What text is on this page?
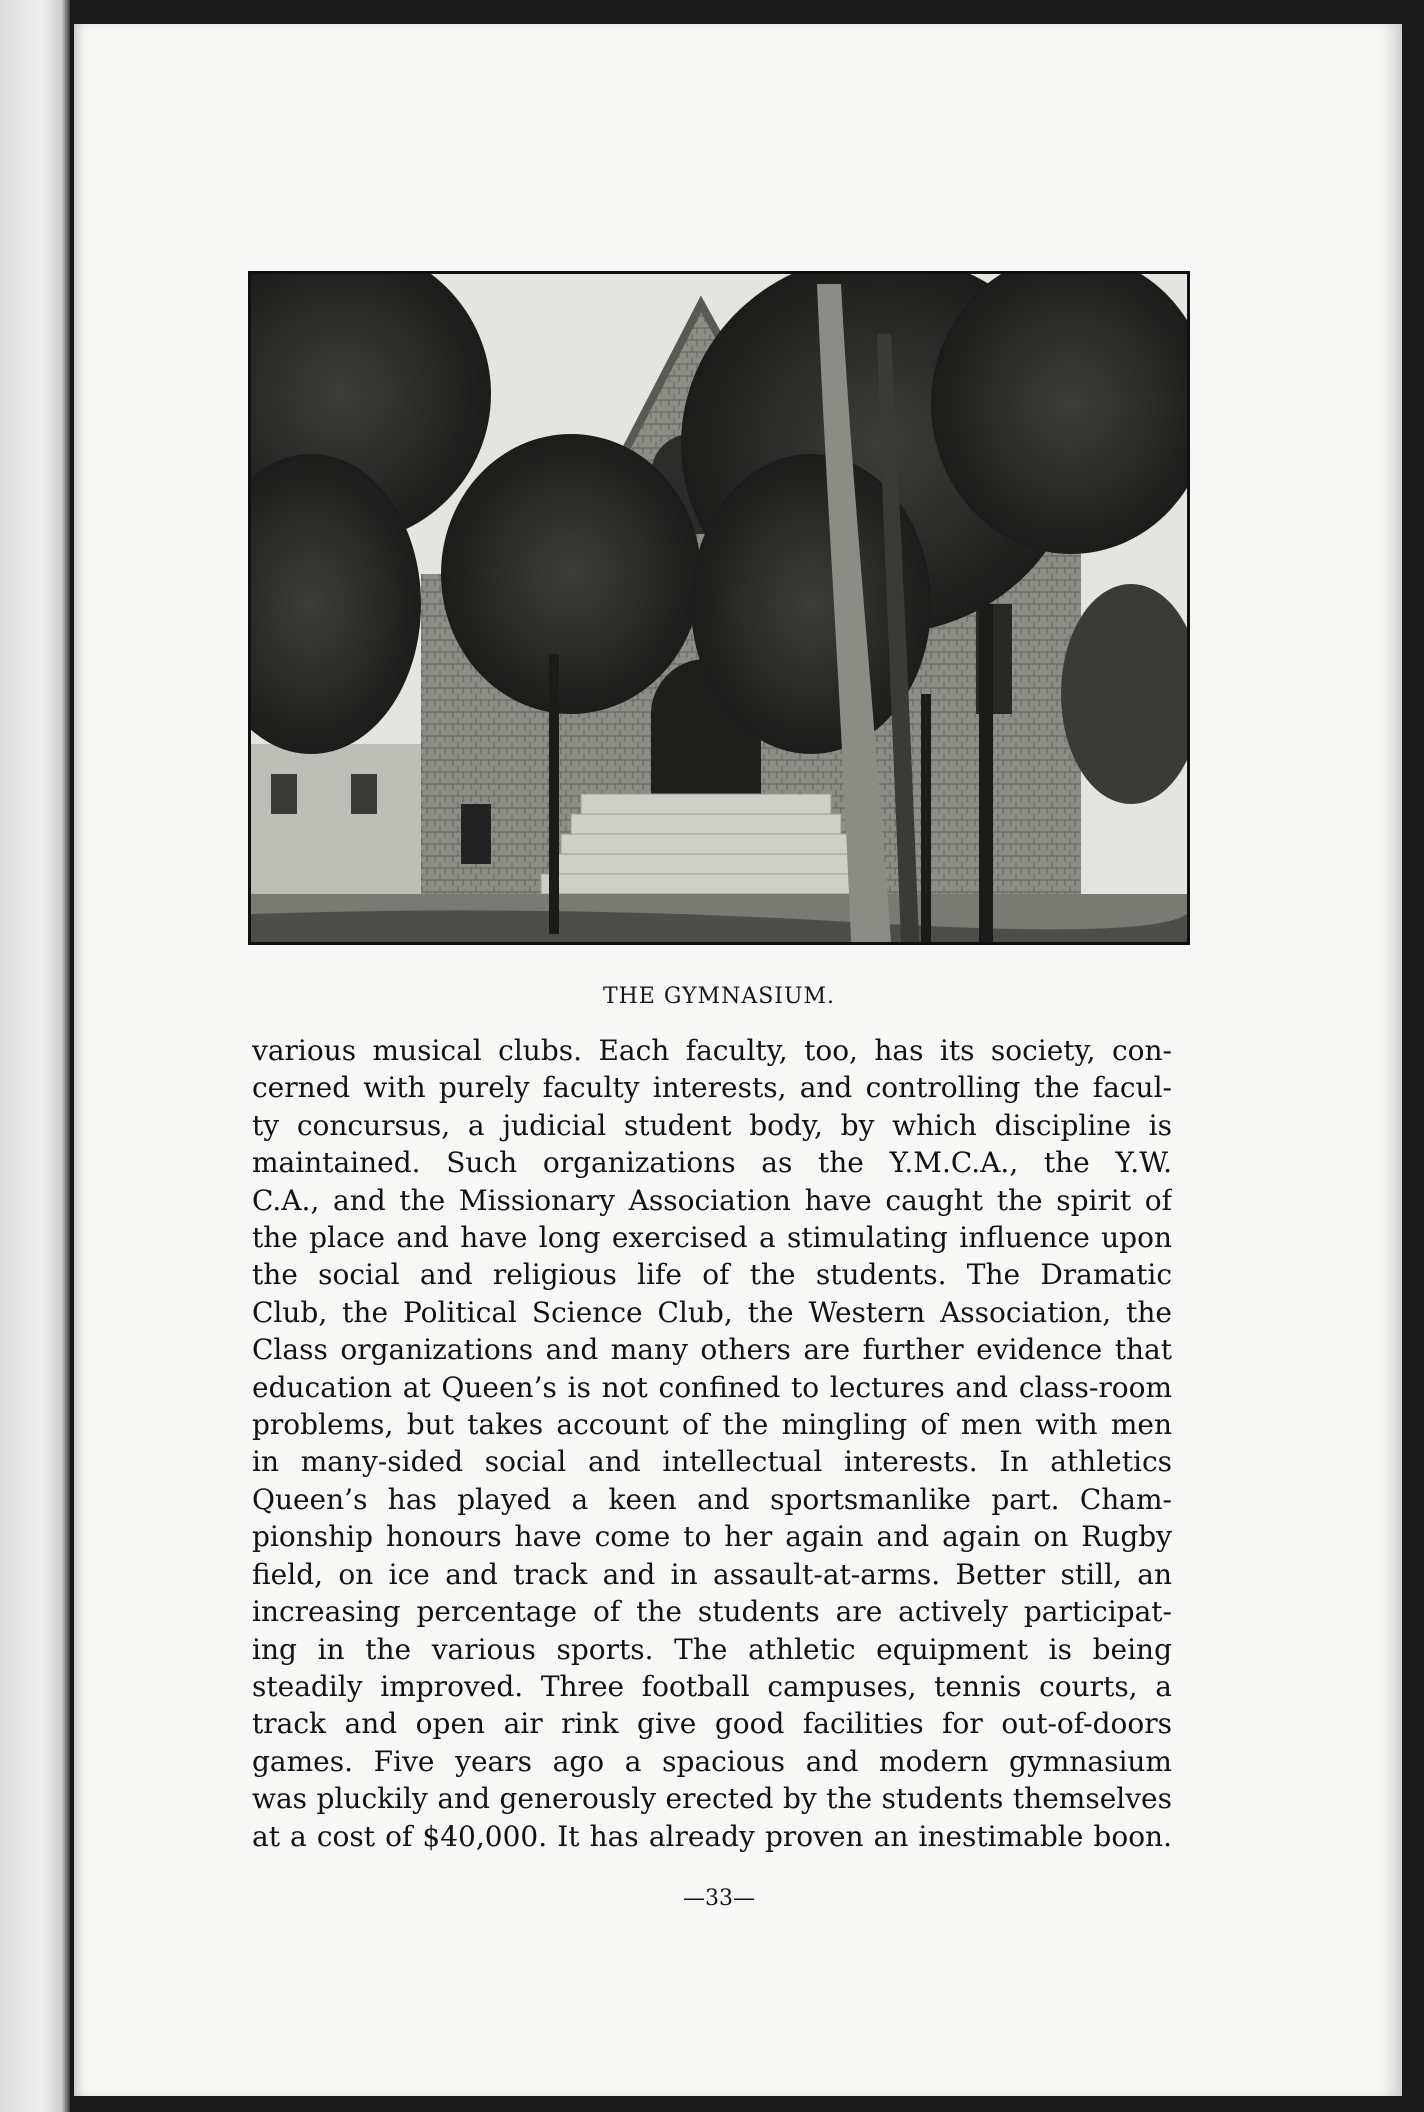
THE GYMNASIUM.
various musical clubs. Each faculty, too, has its society, con-
cerned with purely faculty interests, and controlling the facul-
ty concursus, a judicial student body, by which discipline is
maintained. Such organizations as the Y.M.C.A., the Y.W.
C.A., and the Missionary Association have caught the spirit of
the place and have long exercised a stimulating influence upon
the social and religious life of the students. The Dramatic
Club, the Political Science Club, the Western Association, the
Class organizations and many others are further evidence that
education at Queen’s is not confined to lectures and class-room
problems, but takes account of the mingling of men with men
in many-sided social and intellectual interests. In athletics
Queen’s has played a keen and sportsmanlike part. Cham-
pionship honours have come to her again and again on Rugby
field, on ice and track and in assault-at-arms. Better still, an
increasing percentage of the students are actively participat-
ing in the various sports. The athletic equipment is being
steadily improved. Three football campuses, tennis courts, a
track and open air rink give good facilities for out-of-doors
games. Five years ago a spacious and modern gymnasium
was pluckily and generously erected by the students themselves
at a cost of $40,000. It has already proven an inestimable boon.
—33—
